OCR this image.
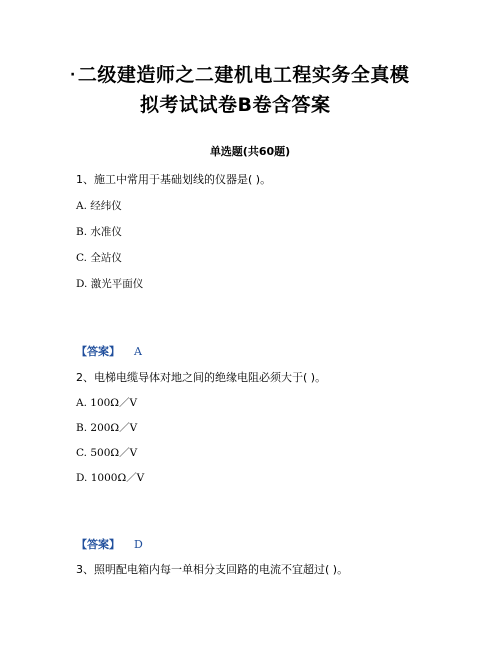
· 二级建造师之二建机电工程实务全真模
拟考试试卷B卷含答案
单选题(共60题)
1、施工中常用于基础划线的仪器是( )。
A. 经纬仪
B. 水准仪
C. 全站仪
D. 激光平面仪
【答案】 A
2、电梯电缆导体对地之间的绝缘电阻必须大于( )。
A. 100Ω／V
B. 200Ω／V
C. 500Ω／V
D. 1000Ω／V
【答案】 D
3、照明配电箱内每一单相分支回路的电流不宜超过( )。
